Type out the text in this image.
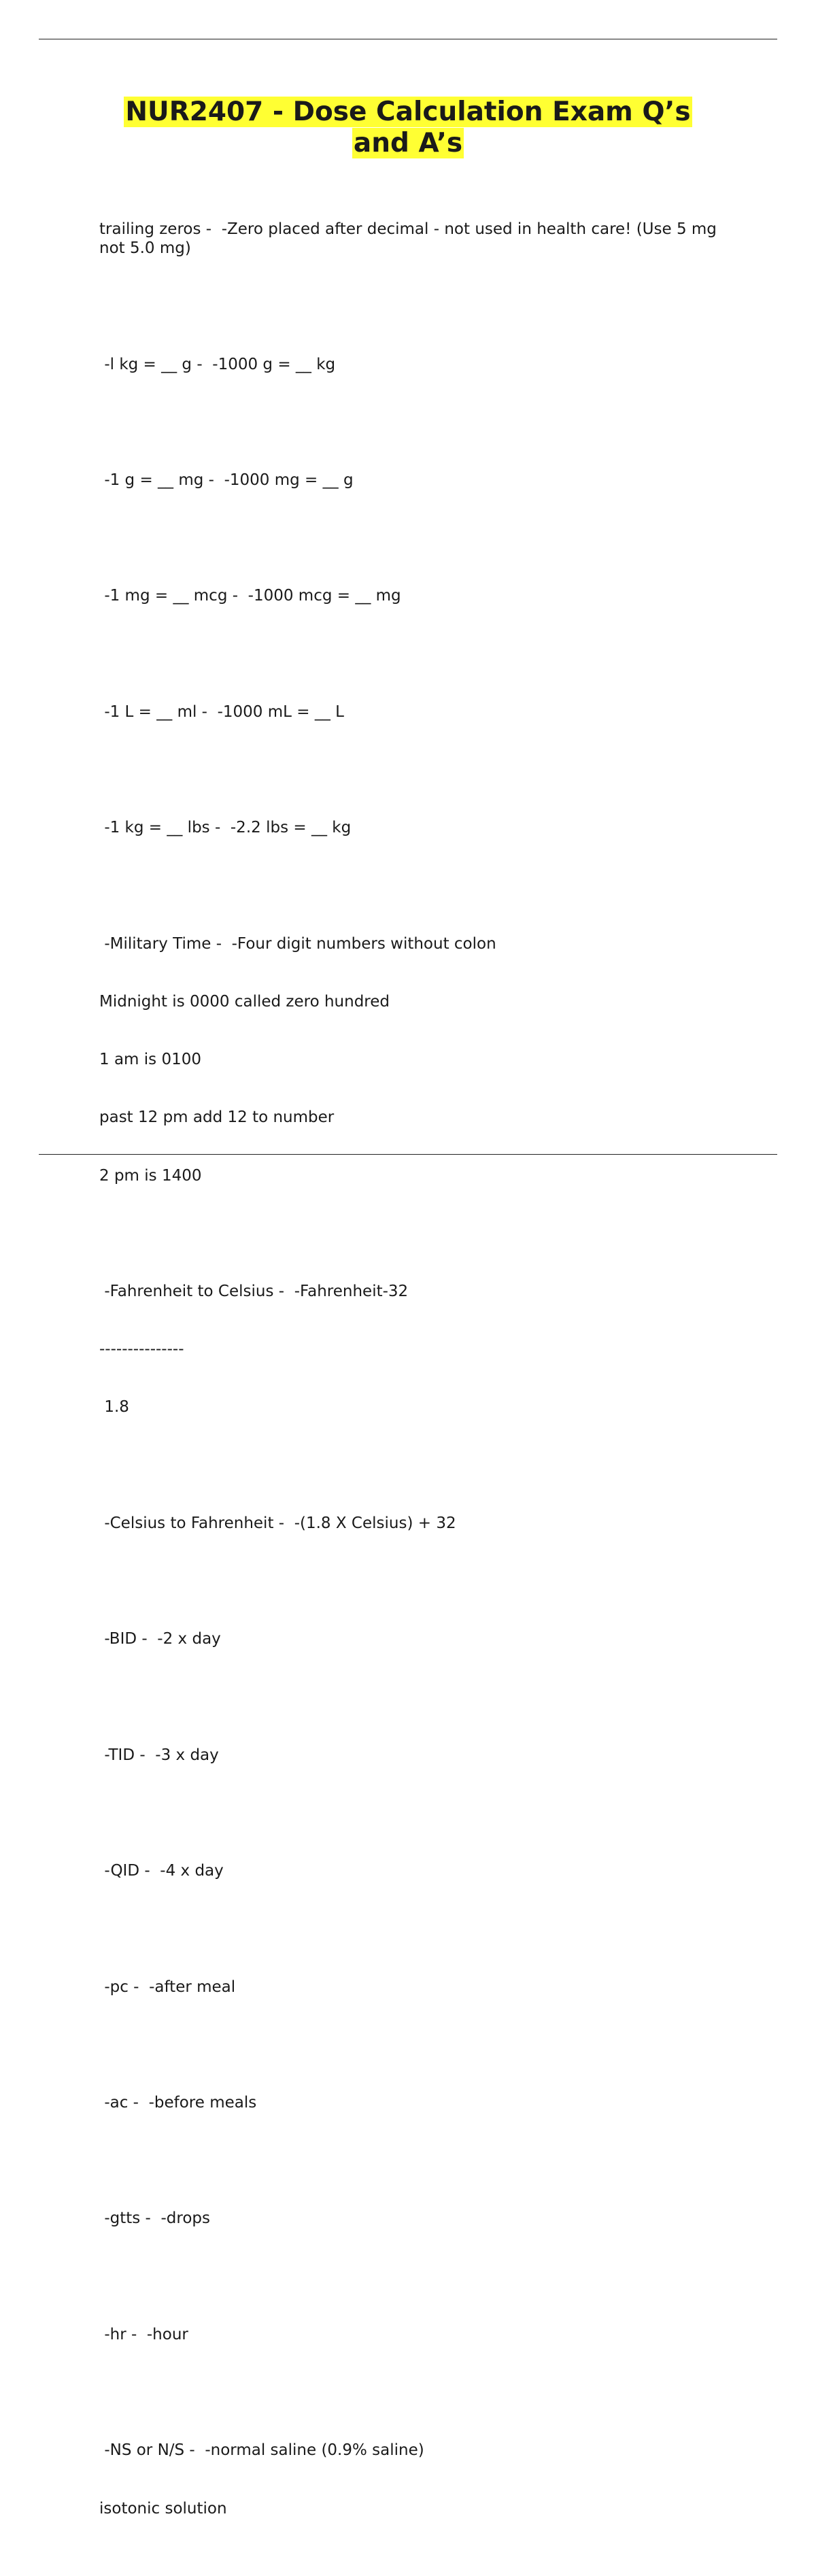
NUR2407 - Dose Calculation Exam Q’s
and A’s

trailing zeros -  -Zero placed after decimal - not used in health care! (Use 5 mg not 5.0 mg)

-l kg = __ g -  -1000 g = __ kg

-1 g = __ mg -  -1000 mg = __ g

-1 mg = __ mcg -  -1000 mcg = __ mg

-1 L = __ ml -  -1000 mL = __ L

-1 kg = __ lbs -  -2.2 lbs = __ kg

-Military Time -  -Four digit numbers without colon

Midnight is 0000 called zero hundred

1 am is 0100

past 12 pm add 12 to number

2 pm is 1400

-Fahrenheit to Celsius -  -Fahrenheit-32

---------------

1.8

-Celsius to Fahrenheit -  -(1.8 X Celsius) + 32

-BID -  -2 x day

-TID -  -3 x day

-QID -  -4 x day

-pc -  -after meal

-ac -  -before meals

-gtts -  -drops

-hr -  -hour

-NS or N/S -  -normal saline (0.9% saline)

isotonic solution
